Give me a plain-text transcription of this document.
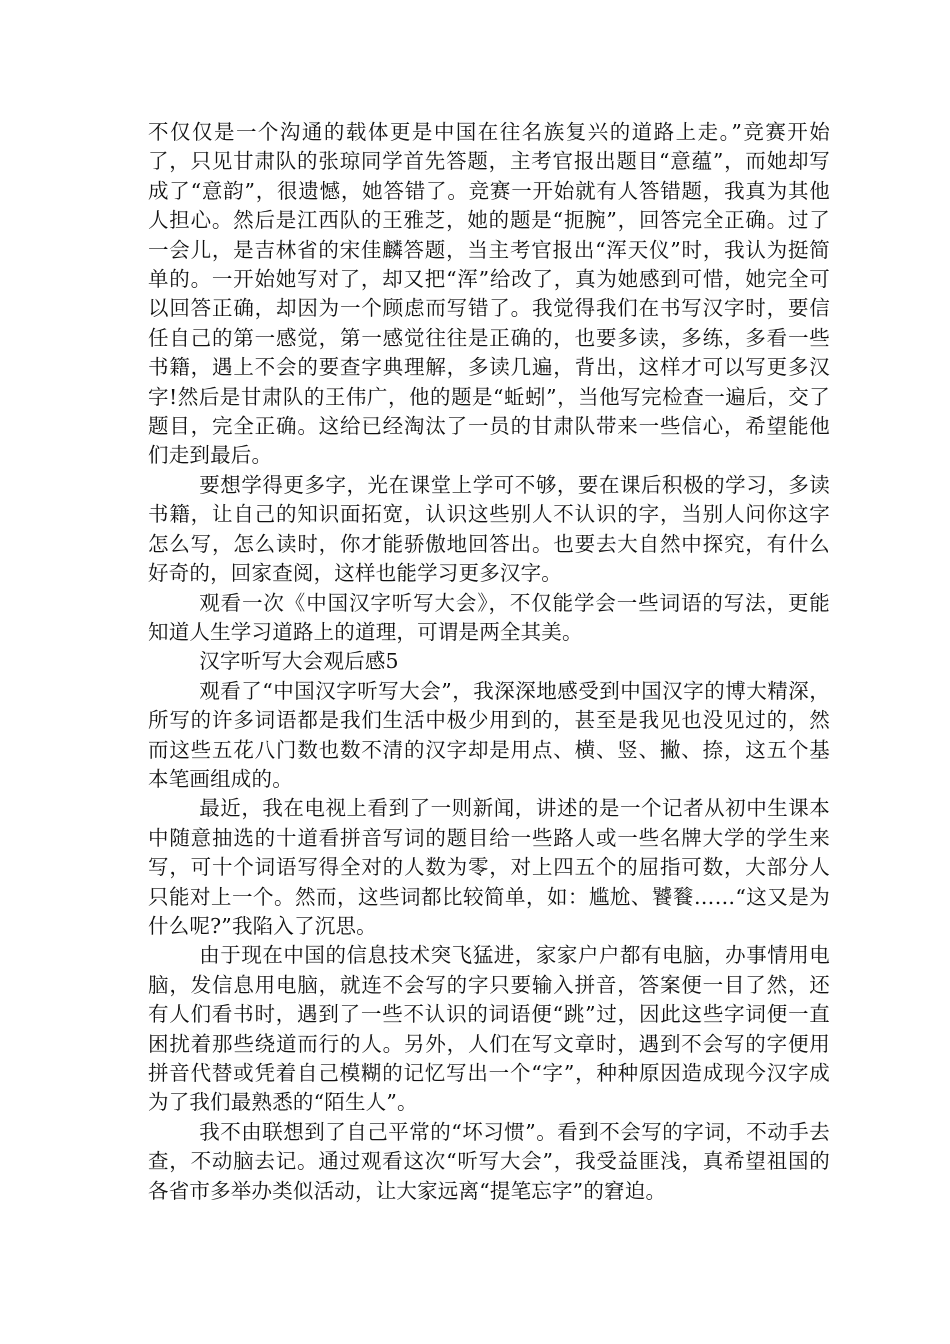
不仅仅是一个沟通的载体更是中国在往名族复兴的道路上走。”竞赛开始了，只见甘肃队的张琼同学首先答题，主考官报出题目“意蕴”，而她却写成了“意韵”，很遗憾，她答错了。竞赛一开始就有人答错题，我真为其他人担心。然后是江西队的王雅芝，她的题是“扼腕”，回答完全正确。过了一会儿，是吉林省的宋佳麟答题，当主考官报出“浑天仪”时，我认为挺简单的。一开始她写对了，却又把“浑”给改了，真为她感到可惜，她完全可以回答正确，却因为一个顾虑而写错了。我觉得我们在书写汉字时，要信任自己的第一感觉，第一感觉往往是正确的，也要多读，多练，多看一些书籍，遇上不会的要查字典理解，多读几遍，背出，这样才可以写更多汉字!然后是甘肃队的王伟广，他的题是“蚯蚓”，当他写完检查一遍后，交了题目，完全正确。这给已经淘汰了一员的甘肃队带来一些信心，希望能他们走到最后。

要想学得更多字，光在课堂上学可不够，要在课后积极的学习，多读书籍，让自己的知识面拓宽，认识这些别人不认识的字，当别人问你这字怎么写，怎么读时，你才能骄傲地回答出。也要去大自然中探究，有什么好奇的，回家查阅，这样也能学习更多汉字。

观看一次《中国汉字听写大会》，不仅能学会一些词语的写法，更能知道人生学习道路上的道理，可谓是两全其美。

汉字听写大会观后感5

观看了“中国汉字听写大会”，我深深地感受到中国汉字的博大精深，所写的许多词语都是我们生活中极少用到的，甚至是我见也没见过的，然而这些五花八门数也数不清的汉字却是用点、横、竖、撇、捺，这五个基本笔画组成的。

最近，我在电视上看到了一则新闻，讲述的是一个记者从初中生课本中随意抽选的十道看拼音写词的题目给一些路人或一些名牌大学的学生来写，可十个词语写得全对的人数为零，对上四五个的屈指可数，大部分人只能对上一个。然而，这些词都比较简单，如：尴尬、饕餮……“这又是为什么呢?”我陷入了沉思。

由于现在中国的信息技术突飞猛进，家家户户都有电脑，办事情用电脑，发信息用电脑，就连不会写的字只要输入拼音，答案便一目了然，还有人们看书时，遇到了一些不认识的词语便“跳”过，因此这些字词便一直困扰着那些绕道而行的人。另外，人们在写文章时，遇到不会写的字便用拼音代替或凭着自己模糊的记忆写出一个“字”，种种原因造成现今汉字成为了我们最熟悉的“陌生人”。

我不由联想到了自己平常的“坏习惯”。看到不会写的字词，不动手去查，不动脑去记。通过观看这次“听写大会”，我受益匪浅，真希望祖国的 各省市多举办类似活动，让大家远离“提笔忘字”的窘迫。
